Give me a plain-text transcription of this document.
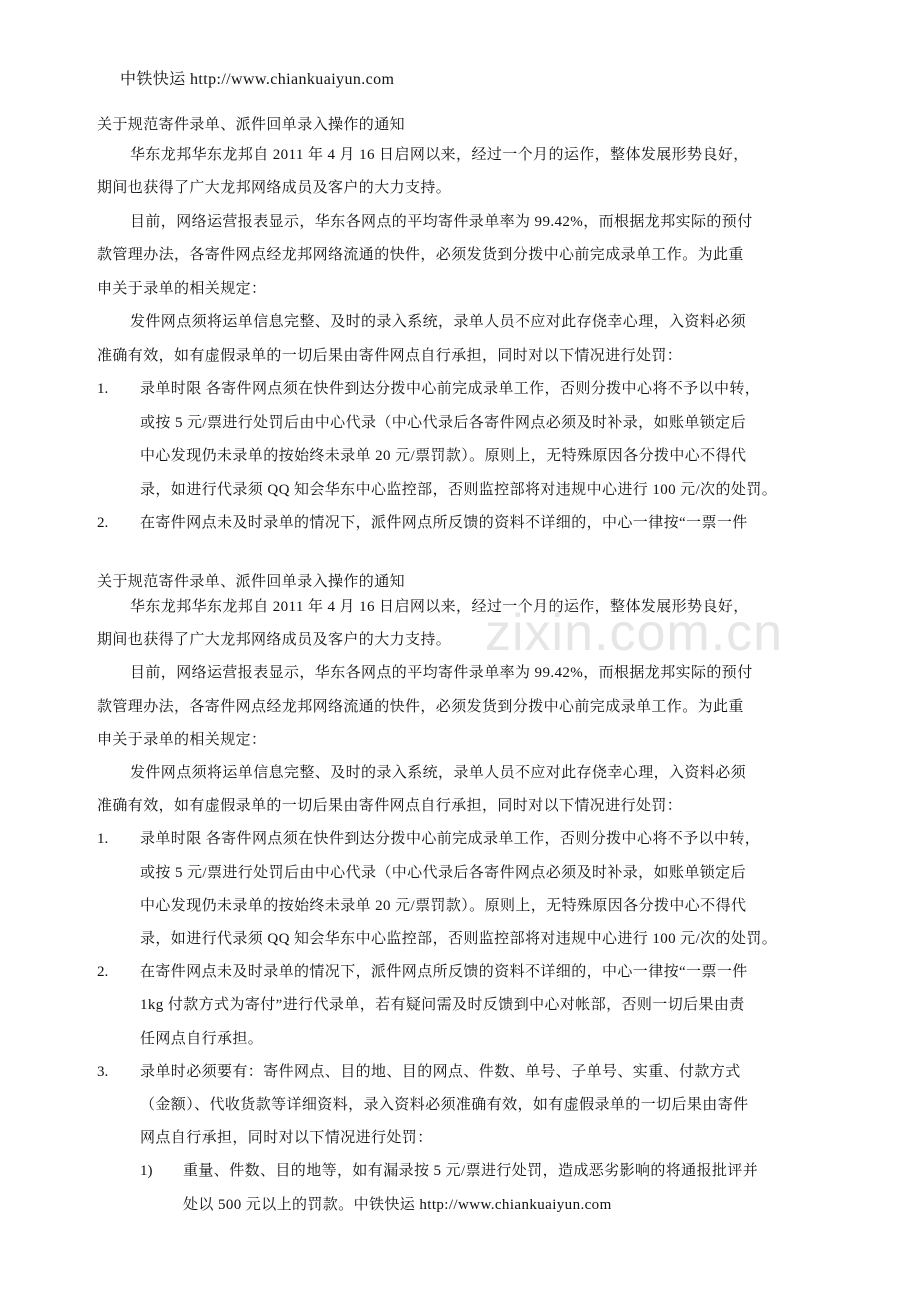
zixin.com.cn
中铁快运 http://www.chiankuaiyun.com
关于规范寄件录单、派件回单录入操作的通知
关于规范寄件录单、派件回单录入操作的通知
华东龙邦华东龙邦自 2011 年 4 月 16 日启网以来，经过一个月的运作，整体发展形势良好，
期间也获得了广大龙邦网络成员及客户的大力支持。
目前，网络运营报表显示，华东各网点的平均寄件录单率为 99.42%，而根据龙邦实际的预付
款管理办法，各寄件网点经龙邦网络流通的快件，必须发货到分拨中心前完成录单工作。为此重
申关于录单的相关规定：
发件网点须将运单信息完整、及时的录入系统，录单人员不应对此存侥幸心理，入资料必须
准确有效，如有虚假录单的一切后果由寄件网点自行承担，同时对以下情况进行处罚：
1. 录单时限 各寄件网点须在快件到达分拨中心前完成录单工作，否则分拨中心将不予以中转，
或按 5 元/票进行处罚后由中心代录（中心代录后各寄件网点必须及时补录，如账单锁定后
中心发现仍未录单的按始终未录单 20 元/票罚款）。原则上，无特殊原因各分拨中心不得代
录，如进行代录须 QQ 知会华东中心监控部，否则监控部将对违规中心进行 100 元/次的处罚。
2. 在寄件网点未及时录单的情况下，派件网点所反馈的资料不详细的，中心一律按“一票一件
华东龙邦华东龙邦自 2011 年 4 月 16 日启网以来，经过一个月的运作，整体发展形势良好，
期间也获得了广大龙邦网络成员及客户的大力支持。
目前，网络运营报表显示，华东各网点的平均寄件录单率为 99.42%，而根据龙邦实际的预付
款管理办法，各寄件网点经龙邦网络流通的快件，必须发货到分拨中心前完成录单工作。为此重
申关于录单的相关规定：
发件网点须将运单信息完整、及时的录入系统，录单人员不应对此存侥幸心理，入资料必须
准确有效，如有虚假录单的一切后果由寄件网点自行承担，同时对以下情况进行处罚：
1. 录单时限 各寄件网点须在快件到达分拨中心前完成录单工作，否则分拨中心将不予以中转，
或按 5 元/票进行处罚后由中心代录（中心代录后各寄件网点必须及时补录，如账单锁定后
中心发现仍未录单的按始终未录单 20 元/票罚款）。原则上，无特殊原因各分拨中心不得代
录，如进行代录须 QQ 知会华东中心监控部，否则监控部将对违规中心进行 100 元/次的处罚。
2. 在寄件网点未及时录单的情况下，派件网点所反馈的资料不详细的，中心一律按“一票一件
1kg 付款方式为寄付”进行代录单，若有疑问需及时反馈到中心对帐部，否则一切后果由责
任网点自行承担。
3. 录单时必须要有：寄件网点、目的地、目的网点、件数、单号、子单号、实重、付款方式
（金额）、代收货款等详细资料，录入资料必须准确有效，如有虚假录单的一切后果由寄件
网点自行承担，同时对以下情况进行处罚：
1) 重量、件数、目的地等，如有漏录按 5 元/票进行处罚，造成恶劣影响的将通报批评并
处以 500 元以上的罚款。中铁快运 http://www.chiankuaiyun.com
